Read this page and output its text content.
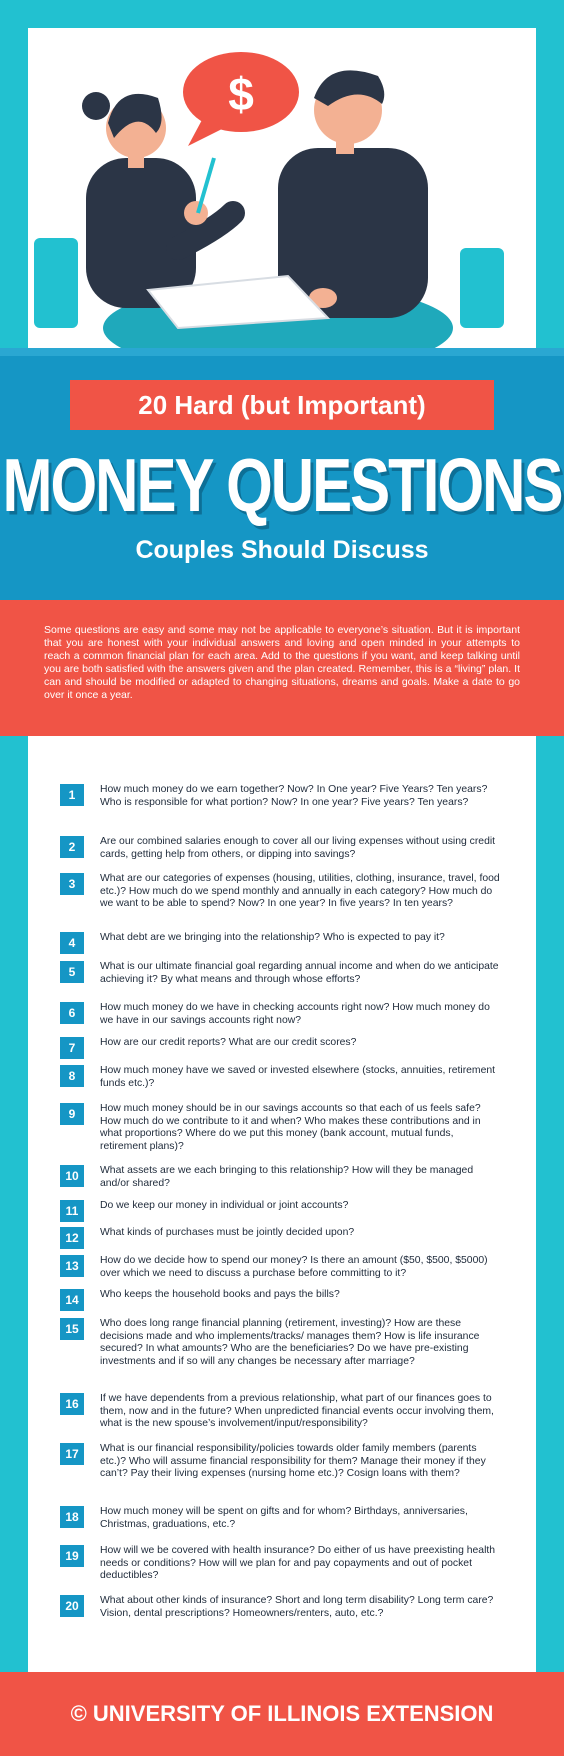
$
20 Hard (but Important)
MONEY QUESTIONS
Couples Should Discuss

Some questions are easy and some may not be applicable to everyone’s situation. But it is important that you are honest with your individual answers and loving and open minded in your attempts to reach a common financial plan for each area. Add to the questions if you want, and keep talking until you are both satisfied with the answers given and the plan created. Remember, this is a “living” plan. It can and should be modified or adapted to changing situations, dreams and goals. Make a date to go over it once a year.

1	How much money do we earn together? Now? In One year? Five Years? Ten years? Who is responsible for what portion? Now? In one year? Five years? Ten years?
2	Are our combined salaries enough to cover all our living expenses without using credit cards, getting help from others, or dipping into savings?
3	What are our categories of expenses (housing, utilities, clothing, insurance, travel, food etc.)? How much do we spend monthly and annually in each category? How much do we want to be able to spend? Now? In one year? In five years? In ten years?
4	What debt are we bringing into the relationship? Who is expected to pay it?
5	What is our ultimate financial goal regarding annual income and when do we anticipate achieving it? By what means and through whose efforts?
6	How much money do we have in checking accounts right now? How much money do we have in our savings accounts right now?
7	How are our credit reports? What are our credit scores?
8	How much money have we saved or invested elsewhere (stocks, annuities, retirement funds etc.)?
9	How much money should be in our savings accounts so that each of us feels safe? How much do we contribute to it and when? Who makes these contributions and in what proportions? Where do we put this money (bank account, mutual funds, retirement plans)?
10	What assets are we each bringing to this relationship? How will they be managed and/or shared?
11	Do we keep our money in individual or joint accounts?
12	What kinds of purchases must be jointly decided upon?
13	How do we decide how to spend our money? Is there an amount ($50, $500, $5000) over which we need to discuss a purchase before committing to it?
14	Who keeps the household books and pays the bills?
15	Who does long range financial planning (retirement, investing)? How are these decisions made and who implements/tracks/ manages them? How is life insurance secured? In what amounts? Who are the beneficiaries? Do we have pre-existing investments and if so will any changes be necessary after marriage?
16	If we have dependents from a previous relationship, what part of our finances goes to them, now and in the future? When unpredicted financial events occur involving them, what is the new spouse’s involvement/input/responsibility?
17	What is our financial responsibility/policies towards older family members (parents etc.)? Who will assume financial responsibility for them? Manage their money if they can’t? Pay their living expenses (nursing home etc.)? Cosign loans with them?
18	How much money will be spent on gifts and for whom? Birthdays, anniversaries, Christmas, graduations, etc.?
19	How will we be covered with health insurance? Do either of us have preexisting health needs or conditions? How will we plan for and pay copayments and out of pocket deductibles?
20	What about other kinds of insurance? Short and long term disability? Long term care? Vision, dental prescriptions? Homeowners/renters, auto, etc.?
© UNIVERSITY OF ILLINOIS EXTENSION
